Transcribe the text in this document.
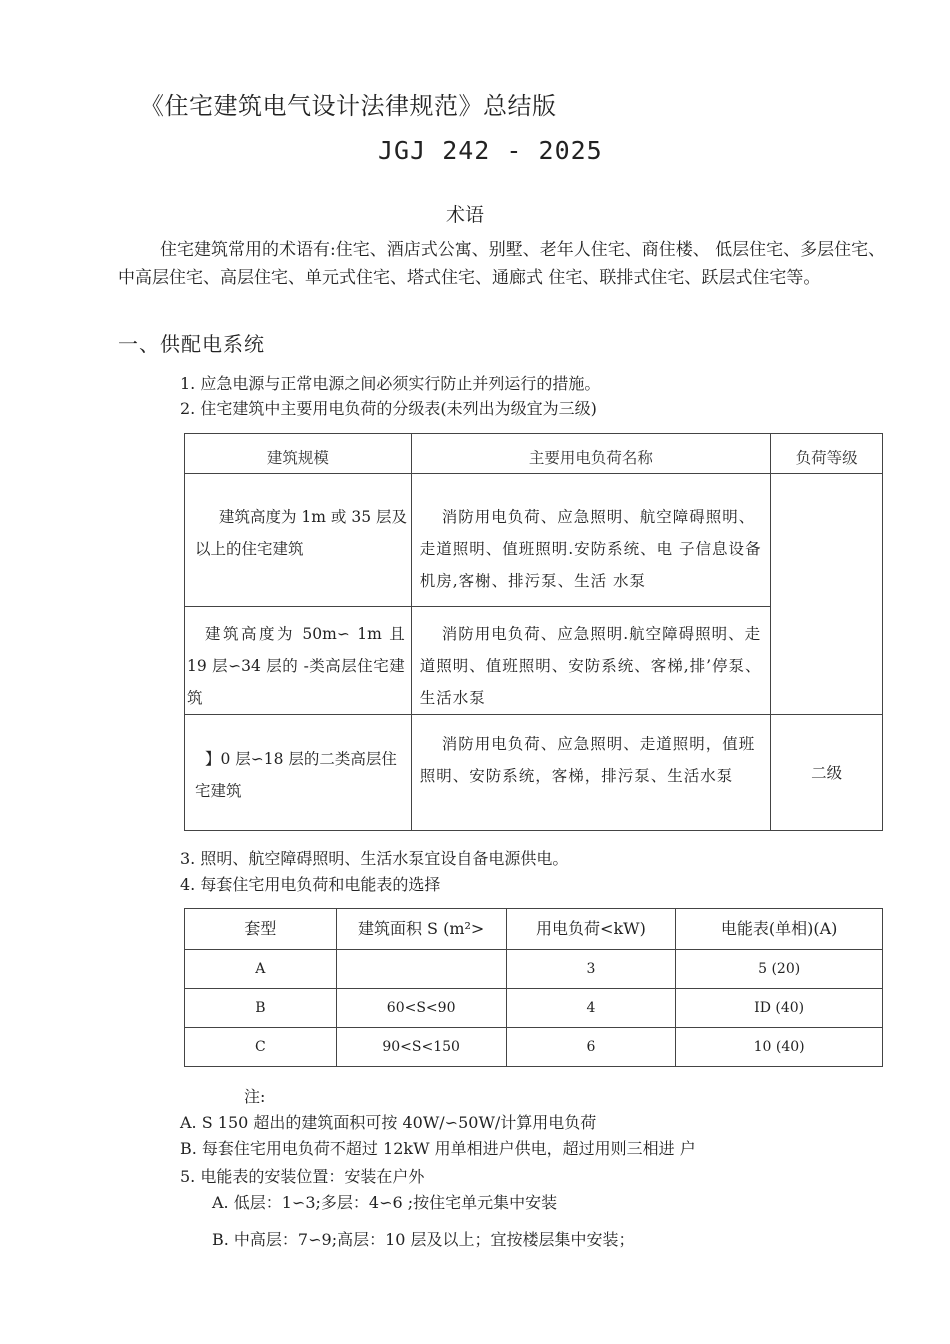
《住宅建筑电气设计法律规范》总结版
JGJ 242 - 2025
术语
住宅建筑常用的术语有:住宅、酒店式公寓、别墅、老年人住宅、商住楼、 低层住宅、多层住宅、中高层住宅、高层住宅、单元式住宅、塔式住宅、通廊式 住宅、联排式住宅、跃层式住宅等。
一、供配电系统
1. 应急电源与正常电源之间必须实行防止并列运行的措施。
2. 住宅建筑中主要用电负荷的分级表(未列出为级宜为三级)
建筑规模	主要用电负荷名称	负荷等级

建筑高度为 1m 或 35 层及以上的住宅建筑	消防用电负荷、应急照明、航空障碍照明、走道照明、值班照明.安防系统、电 子信息设备机房,客榭、排污泵、生活 水泵	

建筑高度为 50m∽ 1m 且 19 层∽34 层的 -类高层住宅建筑	消防用电负荷、应急照明.航空障碍照明、走道照明、值班照明、安防系统、客梯,排’停泵、生活水泵	

】0 层∽18 层的二类高层住宅建筑	消防用电负荷、应急照明、走道照明，值班照明、安防系统，客梯，排污泵、生活水泵	二级
3. 照明、航空障碍照明、生活水泵宜设自备电源供电。
4. 每套住宅用电负荷和电能表的选择
套型	建筑面积 S (m²>	用电负荷<kW)	电能表(单相)(A)
A		3	5 (20)
B	60<S<90	4	ID (40)
C	90<S<150	6	10 (40)
注:
A. S 150 超出的建筑面积可按 40W/∽50W/计算用电负荷
B. 每套住宅用电负荷不超过 12kW 用单相进户供电，超过用则三相进 户
5. 电能表的安装位置：安装在户外
A. 低层：1∽3;多层：4∽6 ;按住宅单元集中安装
B. 中高层：7∽9;高层：10 层及以上；宜按楼层集中安装；
